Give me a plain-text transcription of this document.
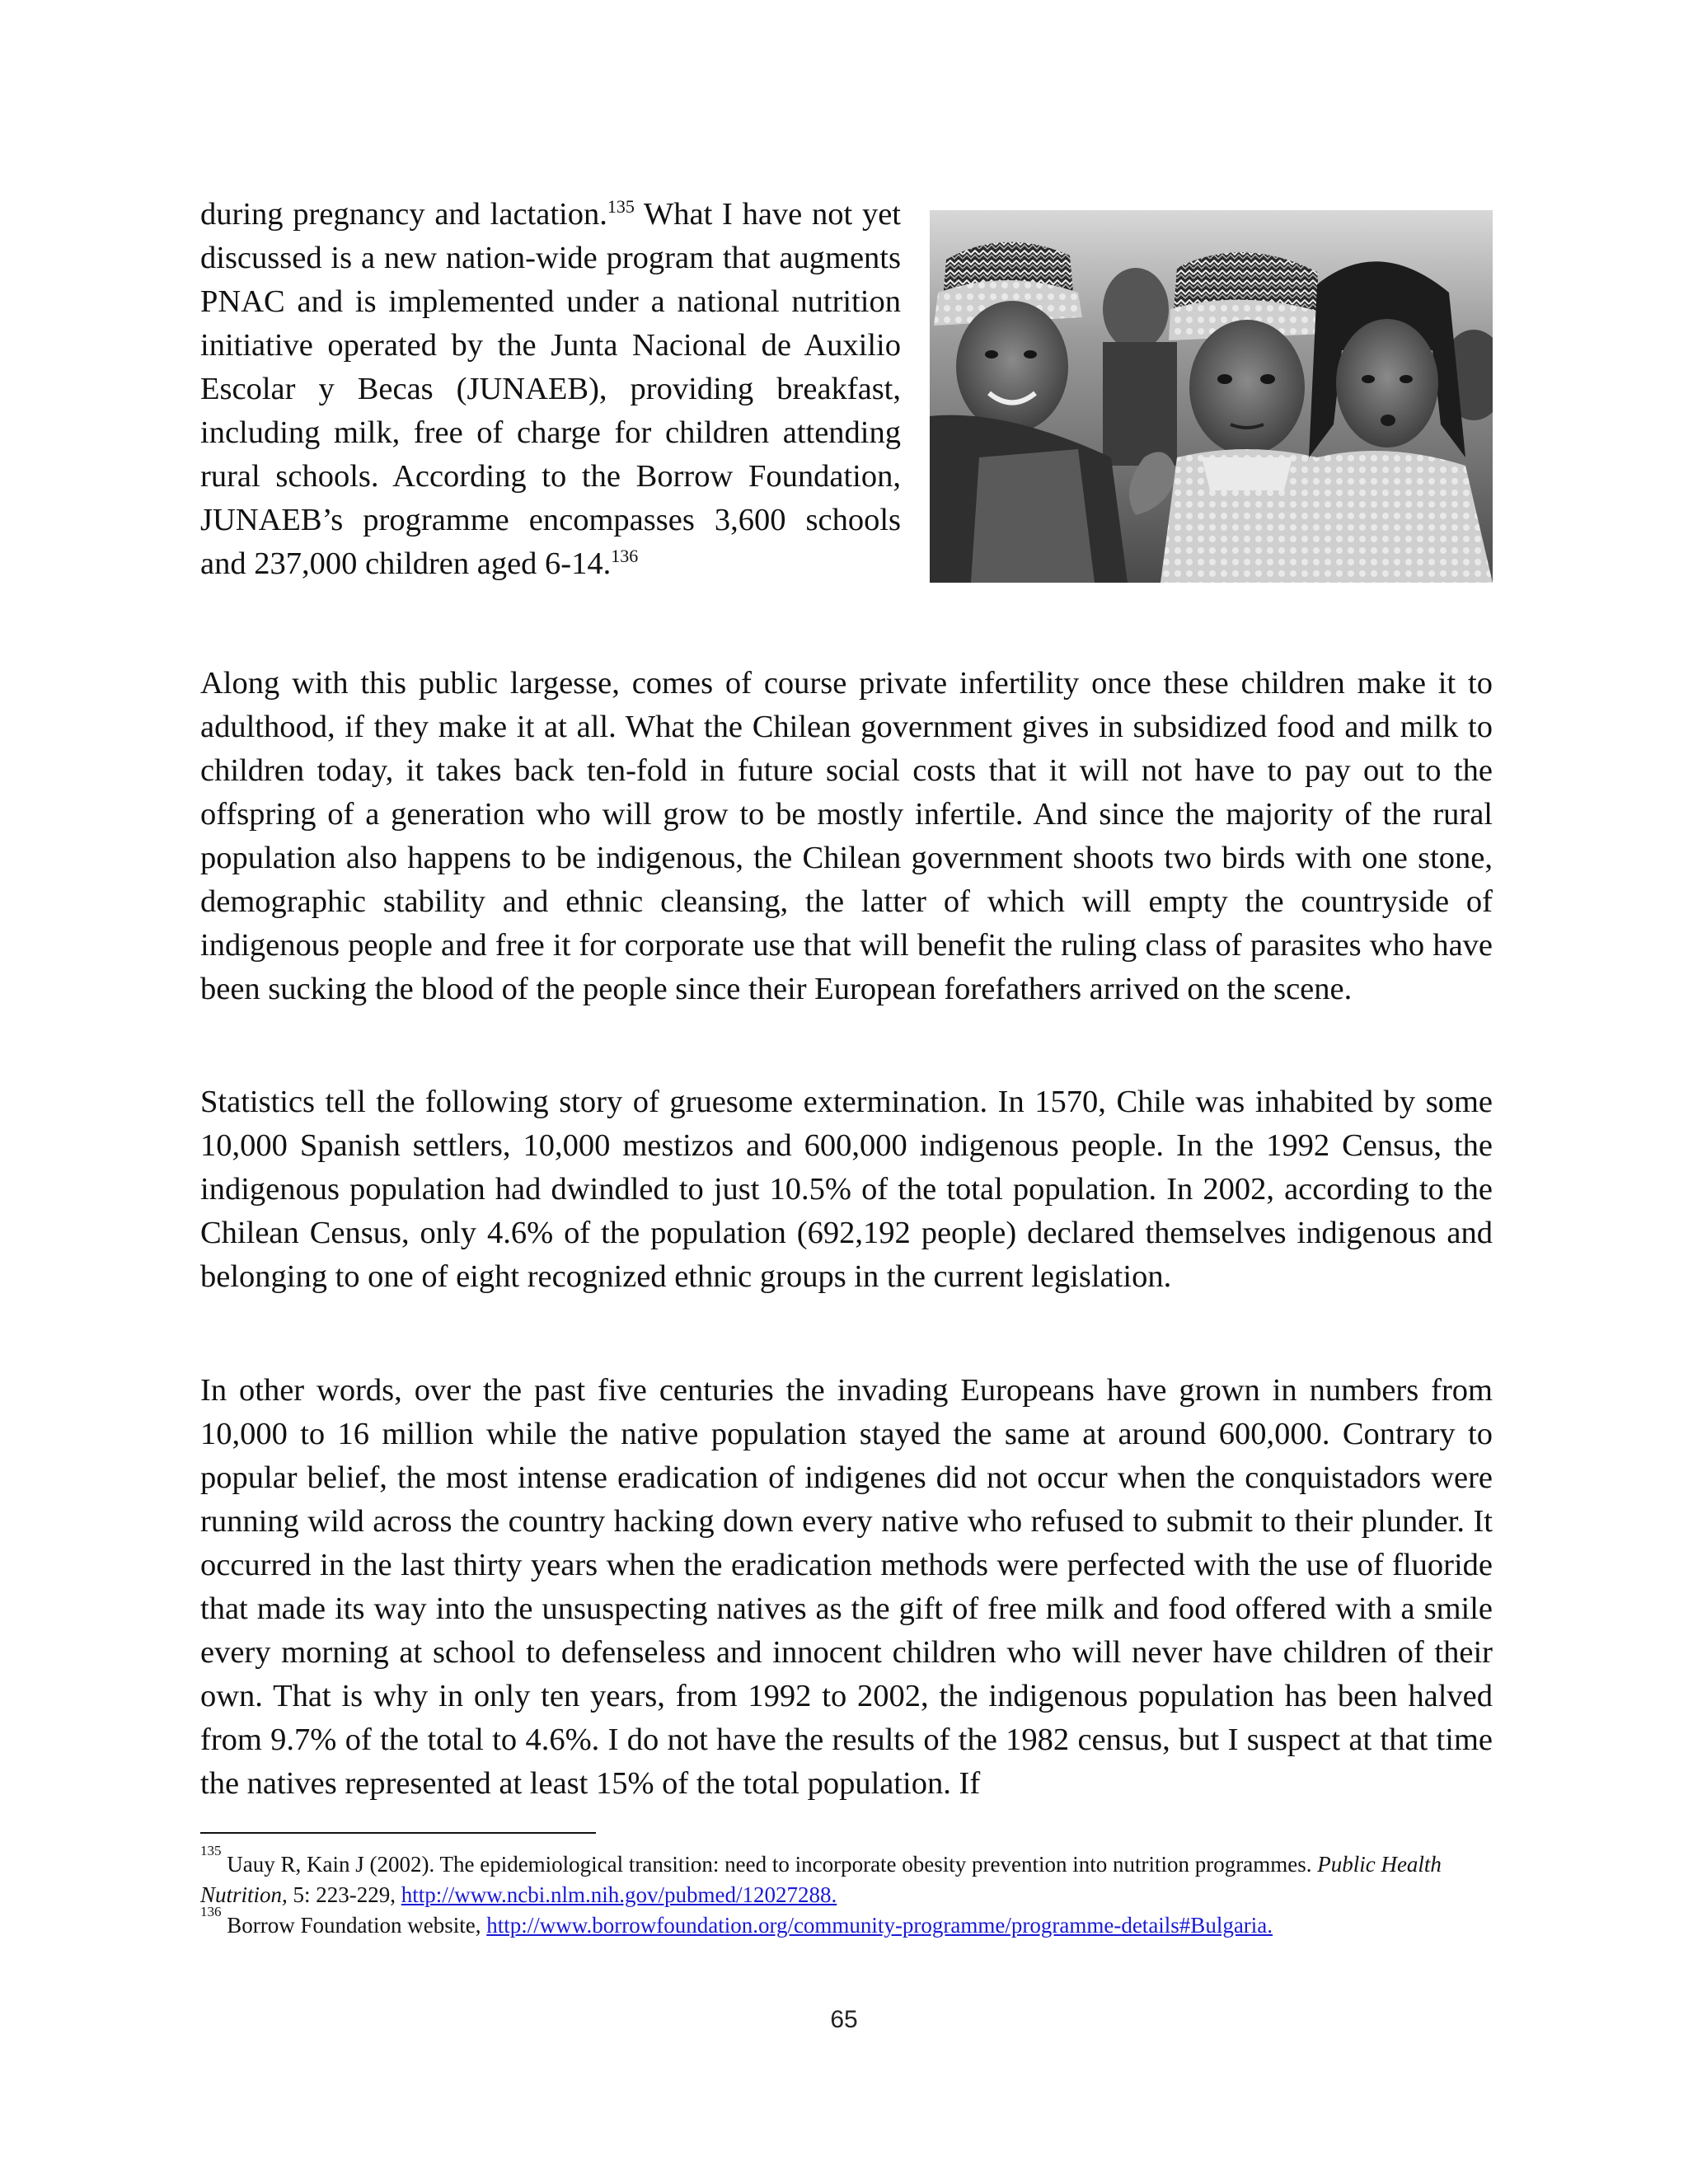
during pregnancy and lactation.$^{135}$ What I have not yet discussed is a new nation-wide program that augments PNAC and is implemented under a national nutrition initiative operated by the Junta Nacional de Auxilio Escolar y Becas (JUNAEB), providing breakfast, including milk, free of charge for children attending rural schools. According to the Borrow Foundation, JUNAEB’s programme encompasses 3,600 schools and 237,000 children aged 6-14.$^{136}$
Along with this public largesse, comes of course private infertility once these children make it to adulthood, if they make it at all. What the Chilean government gives in subsidized food and milk to children today, it takes back ten-fold in future social costs that it will not have to pay out to the offspring of a generation who will grow to be mostly infertile. And since the majority of the rural population also happens to be indigenous, the Chilean government shoots two birds with one stone, demographic stability and ethnic cleansing, the latter of which will empty the countryside of indigenous people and free it for corporate use that will benefit the ruling class of parasites who have been sucking the blood of the people since their European forefathers arrived on the scene.
Statistics tell the following story of gruesome extermination. In 1570, Chile was inhabited by some 10,000 Spanish settlers, 10,000 mestizos and 600,000 indigenous people. In the 1992 Census, the indigenous population had dwindled to just 10.5% of the total population. In 2002, according to the Chilean Census, only 4.6% of the population (692,192 people) declared themselves indigenous and belonging to one of eight recognized ethnic groups in the current legislation.
In other words, over the past five centuries the invading Europeans have grown in numbers from 10,000 to 16 million while the native population stayed the same at around 600,000. Contrary to popular belief, the most intense eradication of indigenes did not occur when the conquistadors were running wild across the country hacking down every native who refused to submit to their plunder. It occurred in the last thirty years when the eradication methods were perfected with the use of fluoride that made its way into the unsuspecting natives as the gift of free milk and food offered with a smile every morning at school to defenseless and innocent children who will never have children of their own. That is why in only ten years, from 1992 to 2002, the indigenous population has been halved from 9.7% of the total to 4.6%. I do not have the results of the 1982 census, but I suspect at that time the natives represented at least 15% of the total population. If
$^{135}$ Uauy R, Kain J (2002). The epidemiological transition: need to incorporate obesity prevention into nutrition programmes. Public Health Nutrition, 5: 223-229, http://www.ncbi.nlm.nih.gov/pubmed/12027288.
$^{136}$ Borrow Foundation website, http://www.borrowfoundation.org/community-programme/programme-details#Bulgaria.
65
